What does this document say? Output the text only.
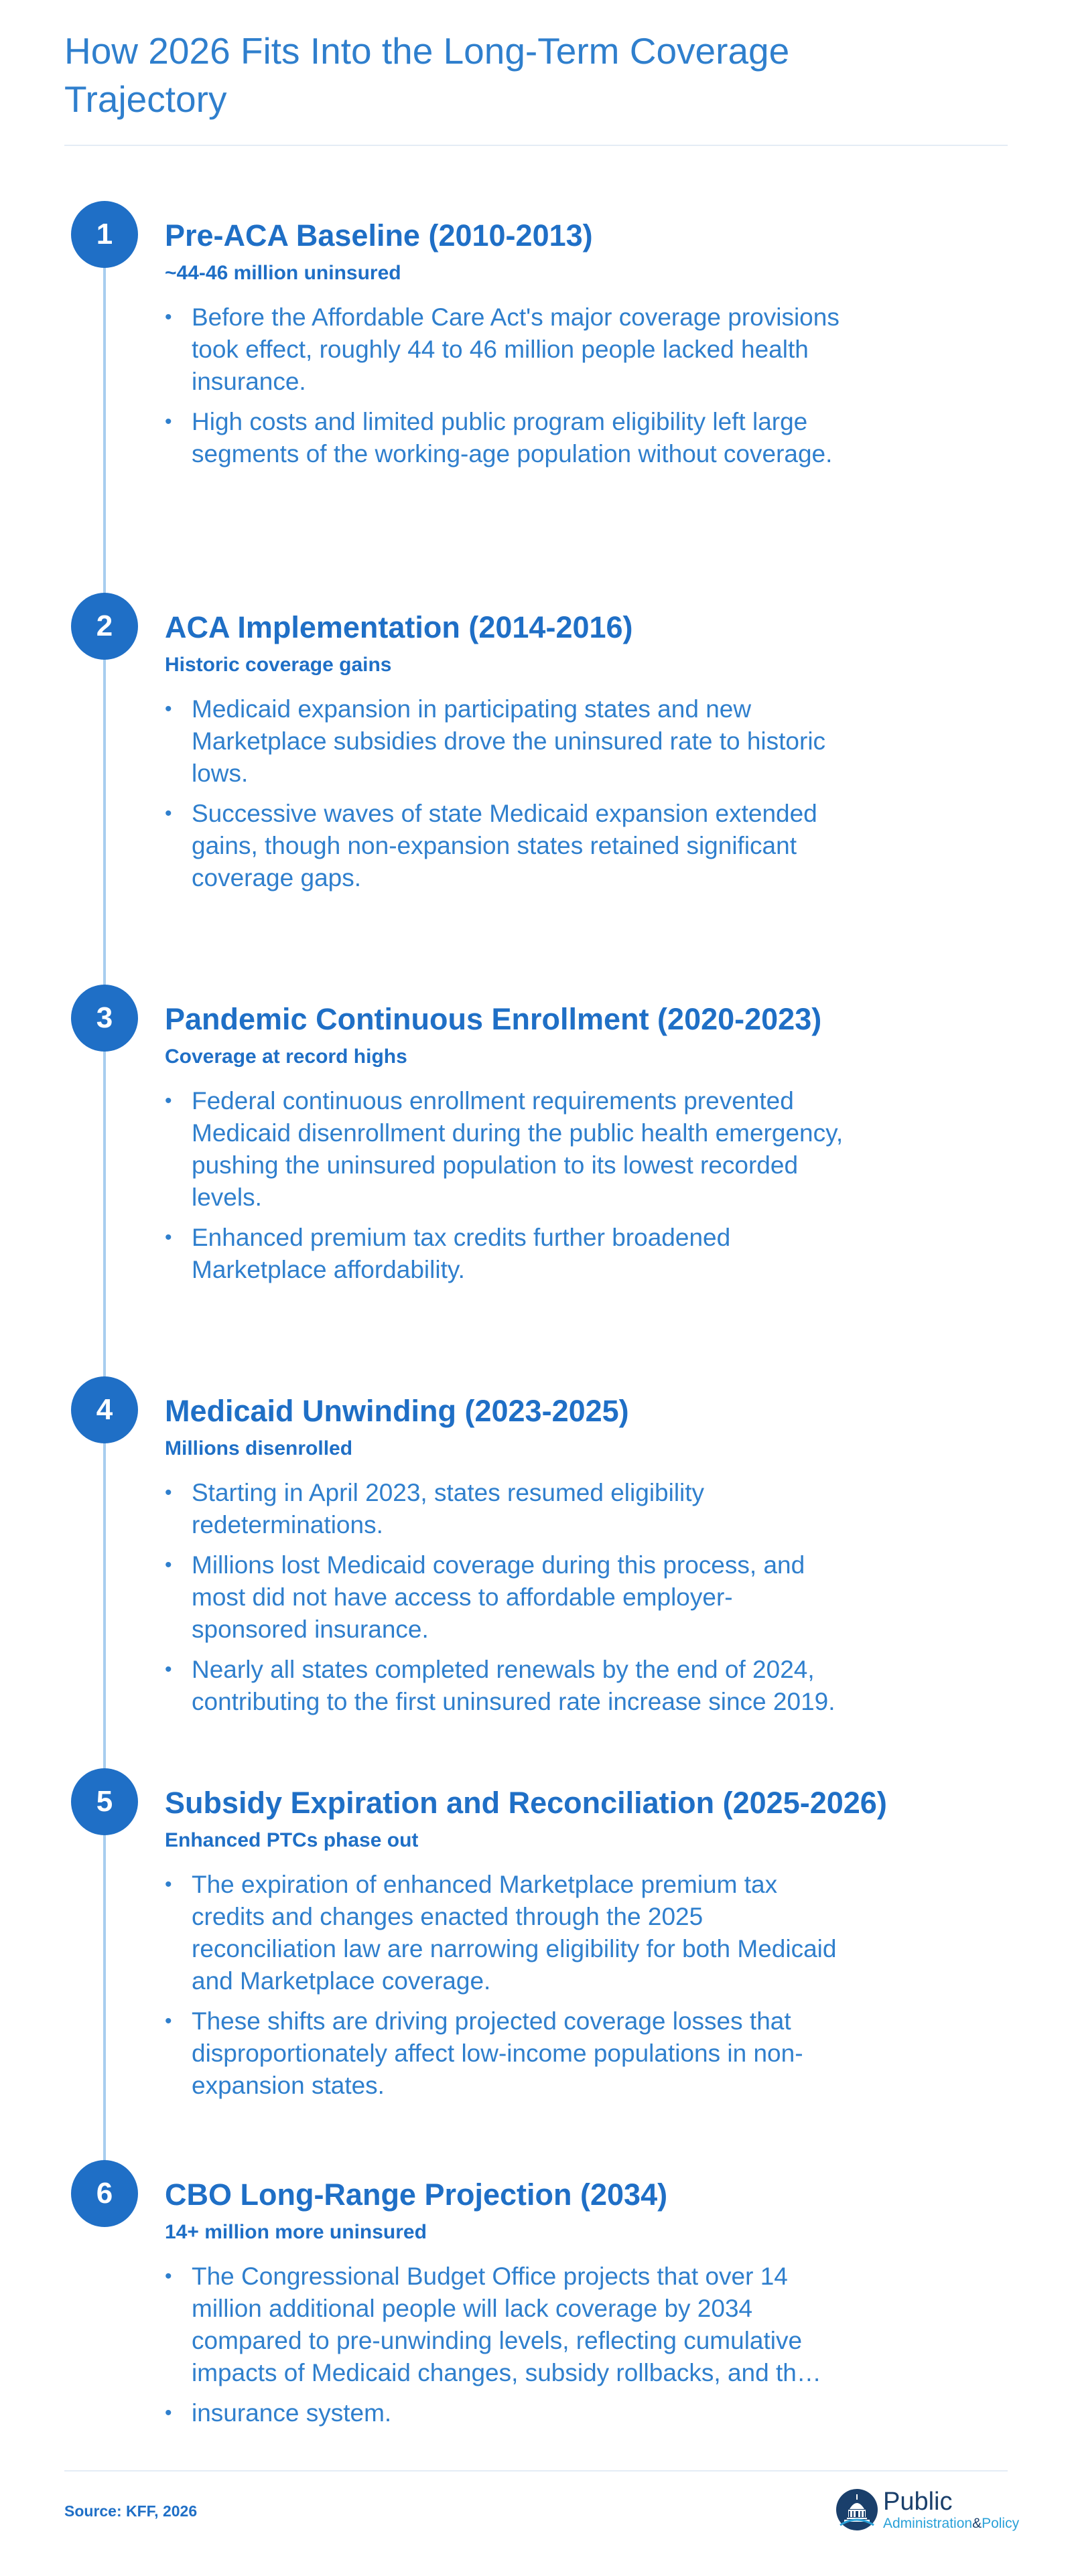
How 2026 Fits Into the Long-Term Coverage Trajectory
1	Pre-ACA Baseline (2010-2013)
~44-46 million uninsured
• Before the Affordable Care Act's major coverage provisions took effect, roughly 44 to 46 million people lacked health insurance.
• High costs and limited public program eligibility left large segments of the working-age population without coverage.
2	ACA Implementation (2014-2016)
Historic coverage gains
• Medicaid expansion in participating states and new Marketplace subsidies drove the uninsured rate to historic lows.
• Successive waves of state Medicaid expansion extended gains, though non-expansion states retained significant coverage gaps.
3	Pandemic Continuous Enrollment (2020-2023)
Coverage at record highs
• Federal continuous enrollment requirements prevented Medicaid disenrollment during the public health emergency, pushing the uninsured population to its lowest recorded levels.
• Enhanced premium tax credits further broadened Marketplace affordability.
4	Medicaid Unwinding (2023-2025)
Millions disenrolled
• Starting in April 2023, states resumed eligibility redeterminations.
• Millions lost Medicaid coverage during this process, and most did not have access to affordable employer-sponsored insurance.
• Nearly all states completed renewals by the end of 2024, contributing to the first uninsured rate increase since 2019.
5	Subsidy Expiration and Reconciliation (2025-2026)
Enhanced PTCs phase out
• The expiration of enhanced Marketplace premium tax credits and changes enacted through the 2025 reconciliation law are narrowing eligibility for both Medicaid and Marketplace coverage.
• These shifts are driving projected coverage losses that disproportionately affect low-income populations in non-expansion states.
6	CBO Long-Range Projection (2034)
14+ million more uninsured
• The Congressional Budget Office projects that over 14 million additional people will lack coverage by 2034 compared to pre-unwinding levels, reflecting cumulative impacts of Medicaid changes, subsidy rollbacks, and th…
• insurance system.
Source: KFF, 2026	Public
Administration&Policy
